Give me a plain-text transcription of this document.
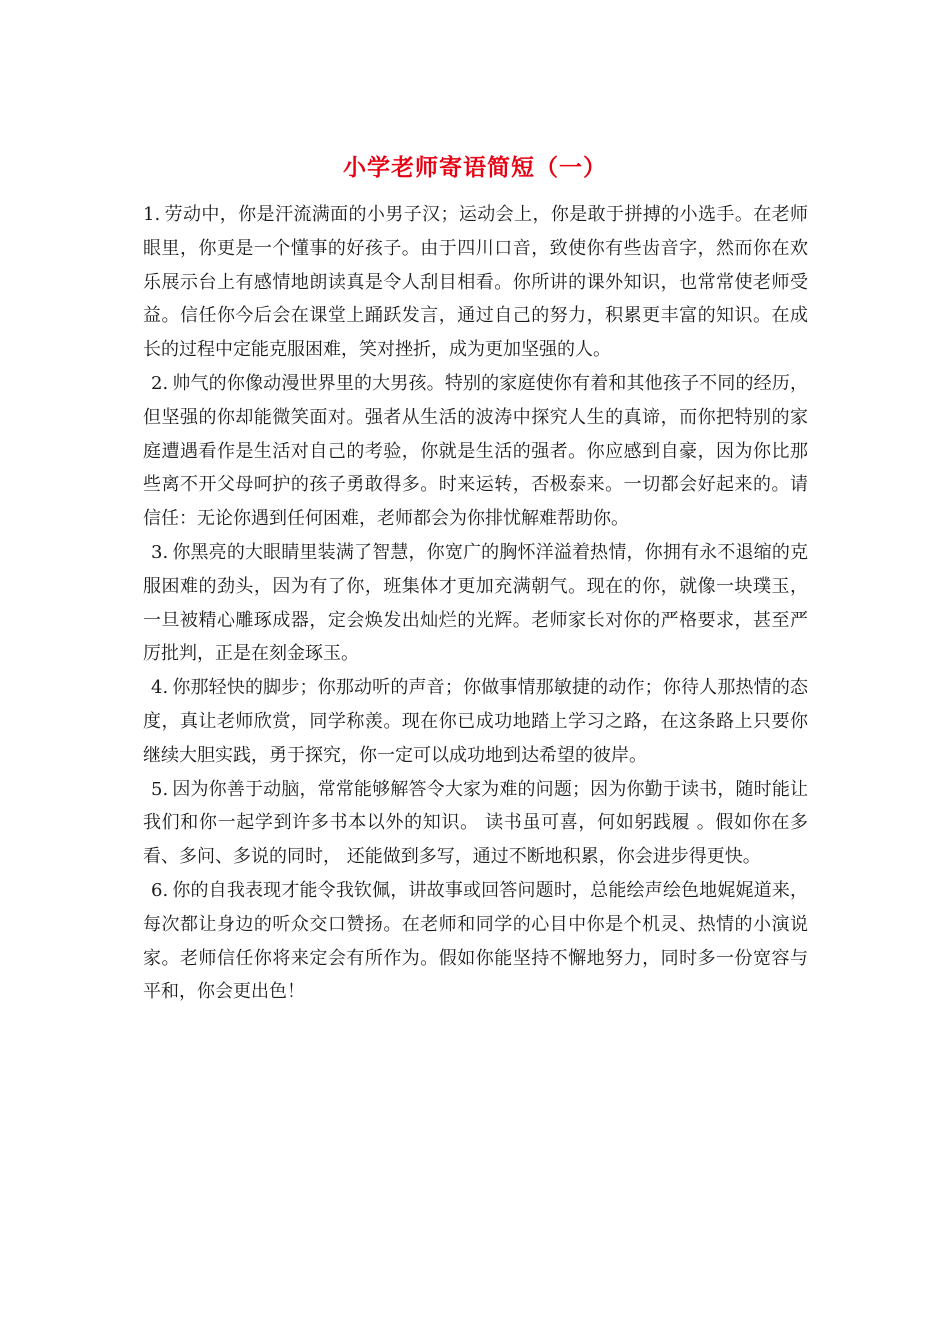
小学老师寄语简短（一）

1. 劳动中，你是汗流满面的小男子汉；运动会上，你是敢于拼搏的小选手。在老师眼里，你更是一个懂事的好孩子。由于四川口音，致使你有些齿音字，然而你在欢乐展示台上有感情地朗读真是令人刮目相看。你所讲的课外知识，也常常使老师受益。信任你今后会在课堂上踊跃发言，通过自己的努力，积累更丰富的知识。在成长的过程中定能克服困难，笑对挫折，成为更加坚强的人。

2. 帅气的你像动漫世界里的大男孩。特别的家庭使你有着和其他孩子不同的经历，但坚强的你却能微笑面对。强者从生活的波涛中探究人生的真谛，而你把特别的家庭遭遇看作是生活对自己的考验，你就是生活的强者。你应感到自豪，因为你比那些离不开父母呵护的孩子勇敢得多。时来运转，否极泰来。一切都会好起来的。请信任：无论你遇到任何困难，老师都会为你排忧解难帮助你。

3. 你黑亮的大眼睛里装满了智慧，你宽广的胸怀洋溢着热情，你拥有永不退缩的克服困难的劲头，因为有了你，班集体才更加充满朝气。现在的你，就像一块璞玉，一旦被精心雕琢成器，定会焕发出灿烂的光辉。老师家长对你的严格要求，甚至严厉批判，正是在刻金琢玉。

4. 你那轻快的脚步；你那动听的声音；你做事情那敏捷的动作；你待人那热情的态度，真让老师欣赏，同学称羡。现在你已成功地踏上学习之路，在这条路上只要你继续大胆实践，勇于探究，你一定可以成功地到达希望的彼岸。

5. 因为你善于动脑，常常能够解答令大家为难的问题；因为你勤于读书，随时能让我们和你一起学到许多书本以外的知识。 读书虽可喜，何如躬践履 。假如你在多看、多问、多说的同时， 还能做到多写，通过不断地积累，你会进步得更快。

6. 你的自我表现才能令我钦佩，讲故事或回答问题时，总能绘声绘色地娓娓道来，每次都让身边的听众交口赞扬。在老师和同学的心目中你是个机灵、热情的小演说家。老师信任你将来定会有所作为。假如你能坚持不懈地努力，同时多一份宽容与平和，你会更出色！
